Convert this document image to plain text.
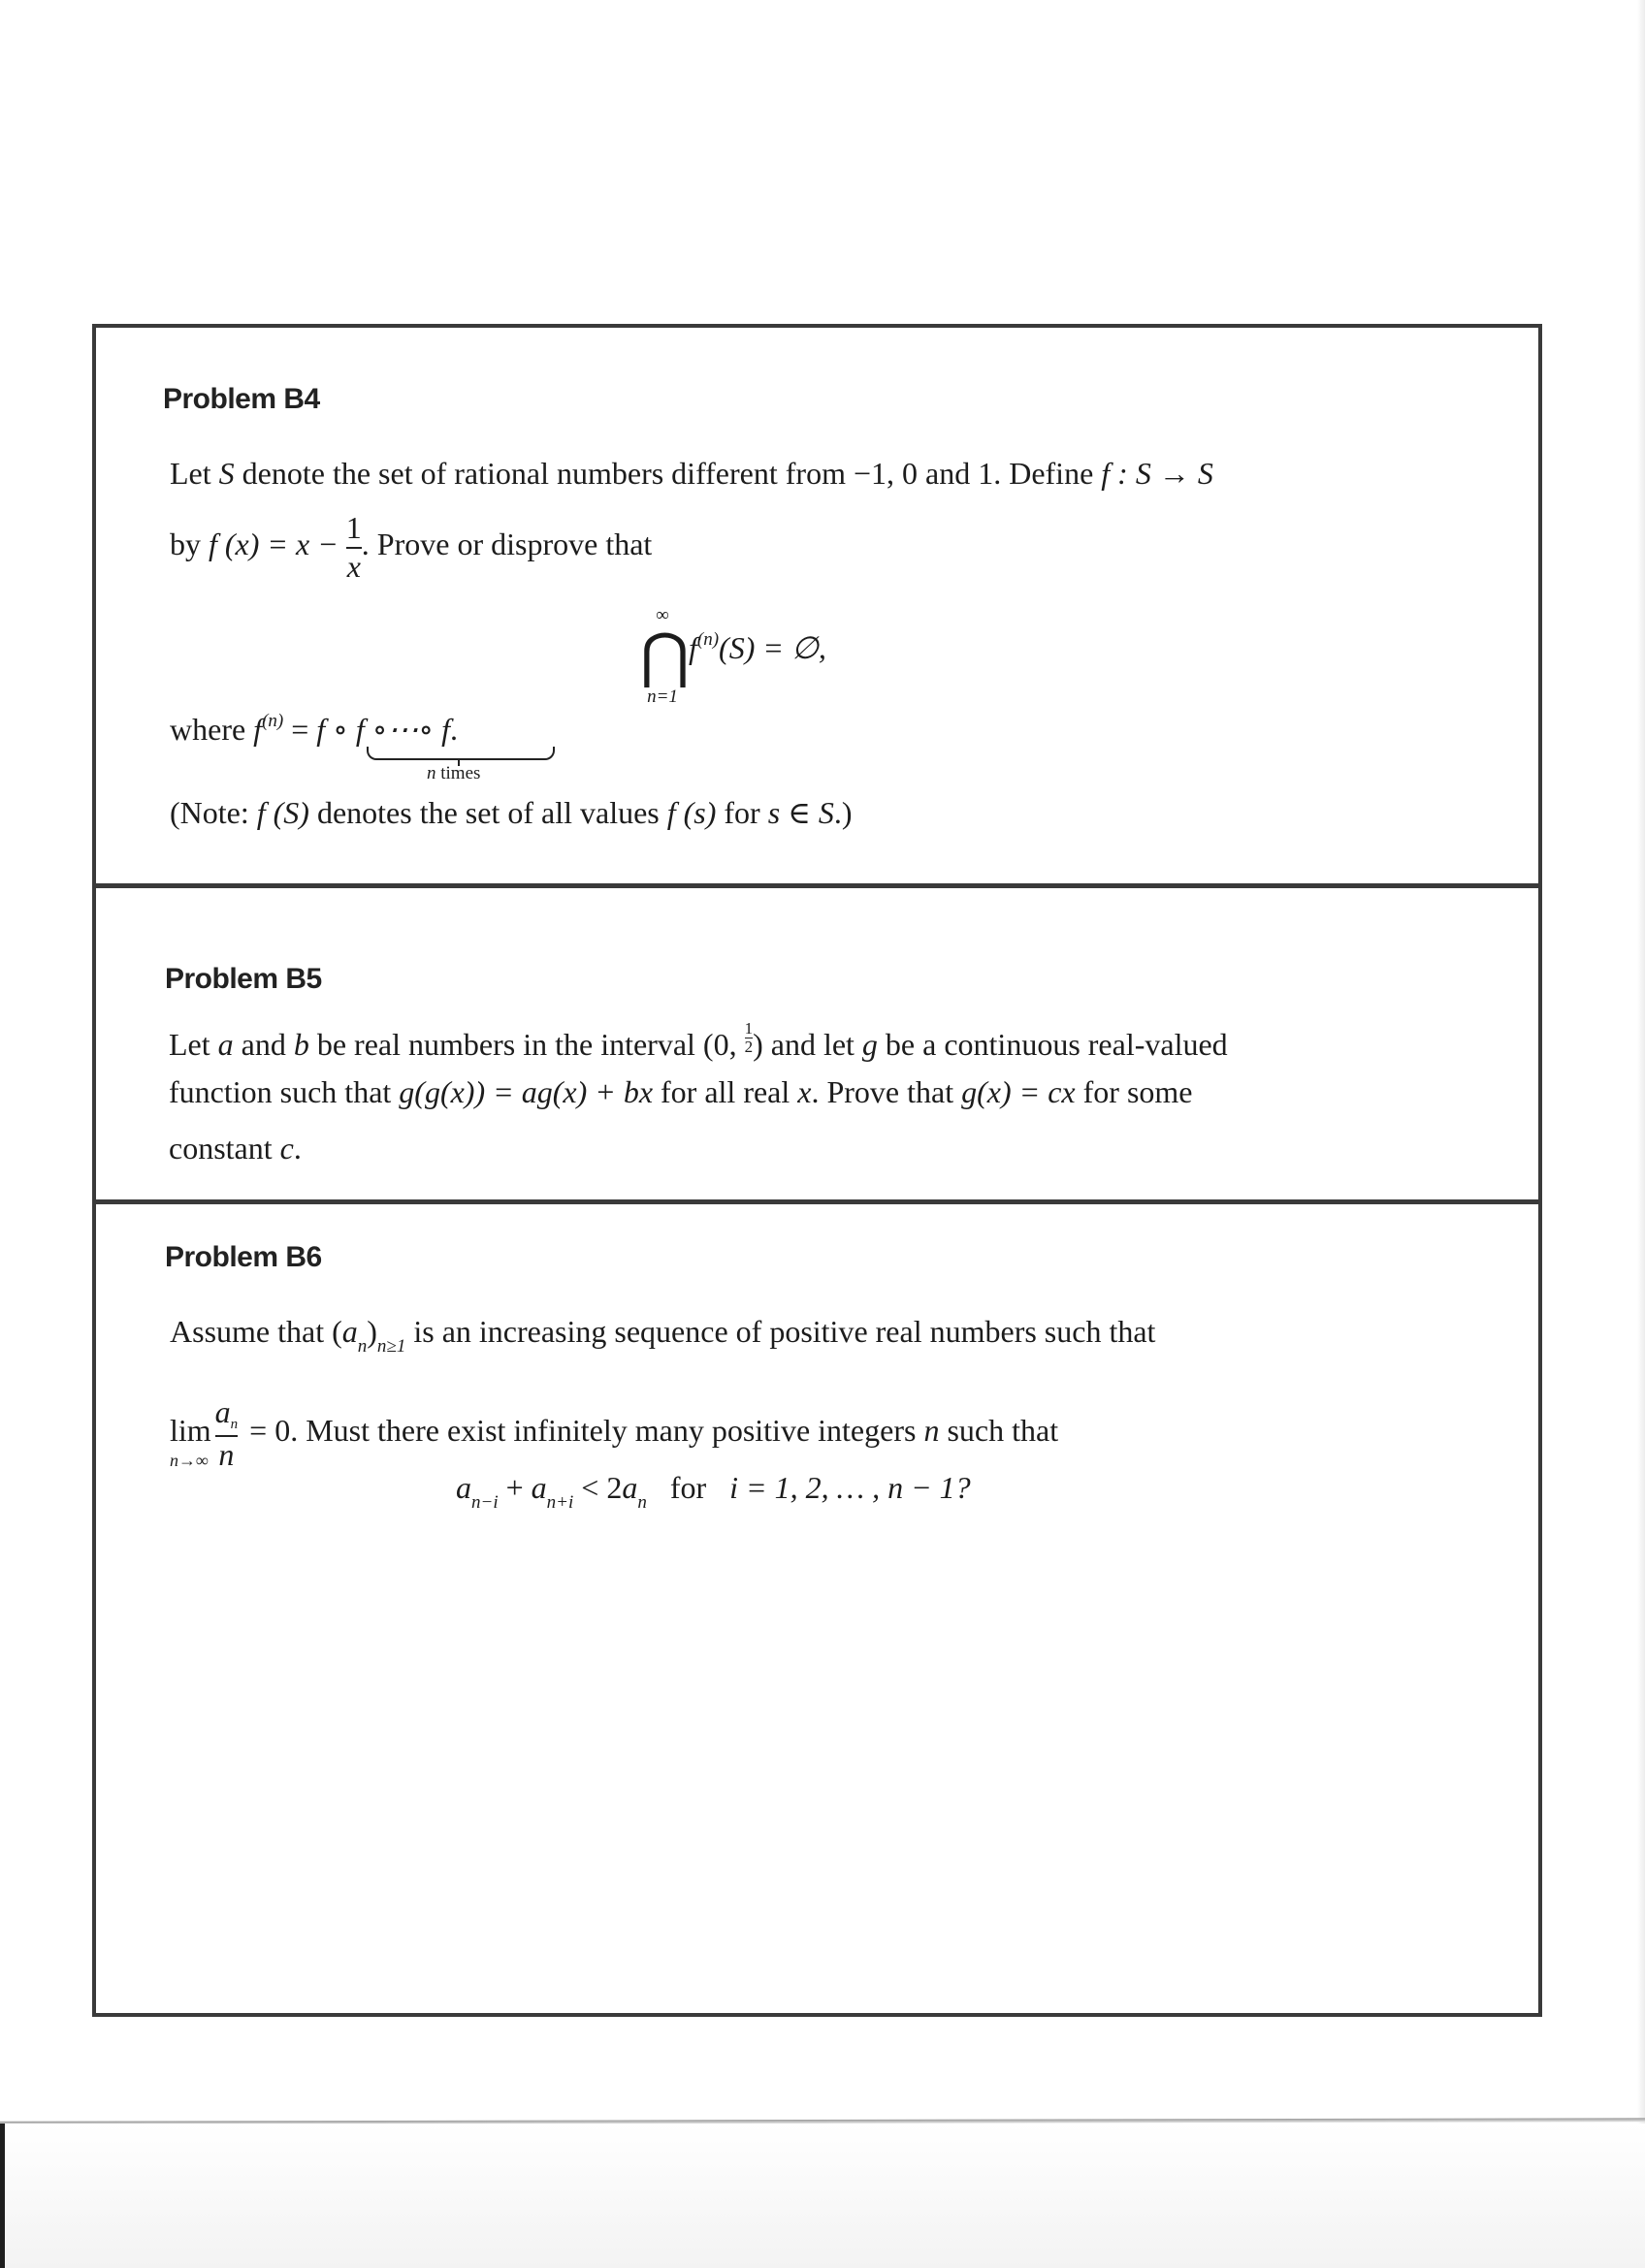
Problem B4
Let S denote the set of rational numbers different from −1, 0 and 1. Define f : S → S
by f $(x) = x - \frac{1}{x}$ . Prove or disprove that
∞
⋂
n=1
$f^{(n)}(S)$ = ∅,
where $f^{(n)} = f$ ∘ f ∘⋯∘ f.
n times
(Note: f (S) denotes the set of all values f (s) for s ∈ S.)
Problem B5
Let a and b be real numbers in the interval (0, $\frac{1}{2}$ ) and let g be a continuous real-valued
function such that g(g(x)) = ag(x) + bx for all real x. Prove that g(x) = cx for some
constant c.
Problem B6
Assume that $(a_n)_{n\ge 1}$ is an increasing sequence of positive real numbers such that
lim
$n\to\infty \frac{a_n}{n} = 0$. Must there exist infinitely many positive integers n such that
$a_{n-i} + a_{n+i} < 2a_n$   for   i = 1, 2, … , n − 1?
